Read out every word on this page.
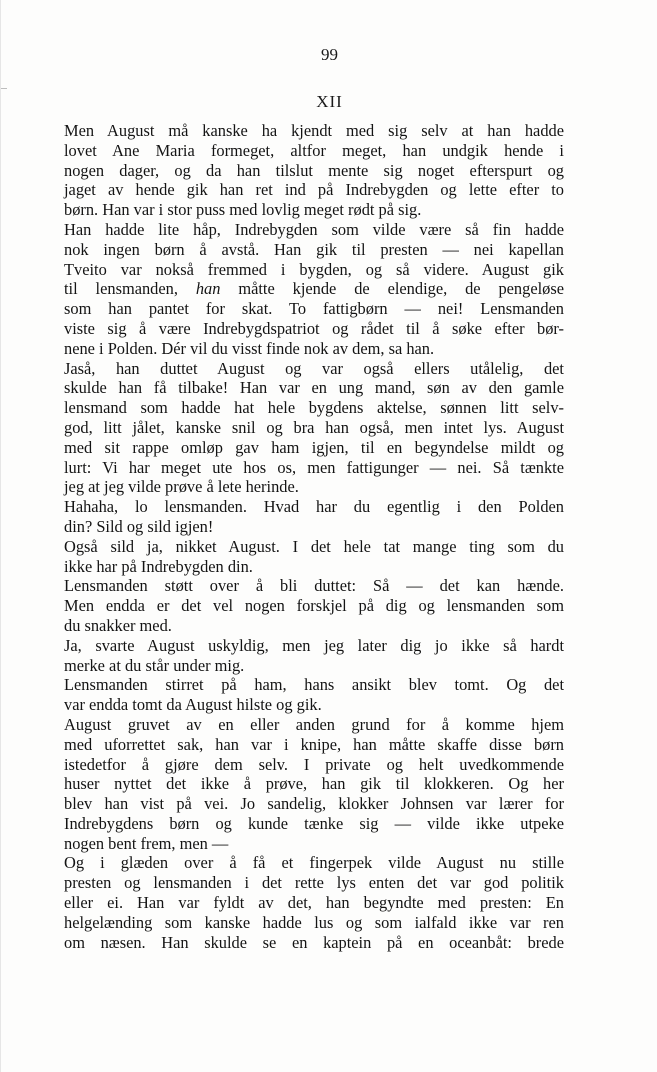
99
XII

Men August må kanske ha kjendt med sig selv at han hadde
lovet Ane Maria formeget, altfor meget, han undgik hende i
nogen dager, og da han tilslut mente sig noget efterspurt og
jaget av hende gik han ret ind på Indrebygden og lette efter to
børn. Han var i stor puss med lovlig meget rødt på sig.

Han hadde lite håp, Indrebygden som vilde være så fin hadde
nok ingen børn å avstå. Han gik til presten — nei kapellan
Tveito var nokså fremmed i bygden, og så videre. August gik
til lensmanden, han måtte kjende de elendige, de pengeløse
som han pantet for skat. To fattigbørn — nei! Lensmanden
viste sig å være Indrebygdspatriot og rådet til å søke efter bør-
nene i Polden. Dér vil du visst finde nok av dem, sa han.

Jaså, han duttet August og var også ellers utålelig, det
skulde han få tilbake! Han var en ung mand, søn av den gamle
lensmand som hadde hat hele bygdens aktelse, sønnen litt selv-
god, litt jålet, kanske snil og bra han også, men intet lys. August
med sit rappe omløp gav ham igjen, til en begyndelse mildt og
lurt: Vi har meget ute hos os, men fattigunger — nei. Så tænkte
jeg at jeg vilde prøve å lete herinde.

Hahaha, lo lensmanden. Hvad har du egentlig i den Polden
din? Sild og sild igjen!

Også sild ja, nikket August. I det hele tat mange ting som du
ikke har på Indrebygden din.

Lensmanden støtt over å bli duttet: Så — det kan hænde.
Men endda er det vel nogen forskjel på dig og lensmanden som
du snakker med.

Ja, svarte August uskyldig, men jeg later dig jo ikke så hardt
merke at du står under mig.

Lensmanden stirret på ham, hans ansikt blev tomt. Og det
var endda tomt da August hilste og gik.

August gruvet av en eller anden grund for å komme hjem
med uforrettet sak, han var i knipe, han måtte skaffe disse børn
istedetfor å gjøre dem selv. I private og helt uvedkommende
huser nyttet det ikke å prøve, han gik til klokkeren. Og her
blev han vist på vei. Jo sandelig, klokker Johnsen var lærer for
Indrebygdens børn og kunde tænke sig — vilde ikke utpeke
nogen bent frem, men —

Og i glæden over å få et fingerpek vilde August nu stille
presten og lensmanden i det rette lys enten det var god politik
eller ei. Han var fyldt av det, han begyndte med presten: En
helgelænding som kanske hadde lus og som ialfald ikke var ren
om næsen. Han skulde se en kaptein på en oceanbåt: brede
